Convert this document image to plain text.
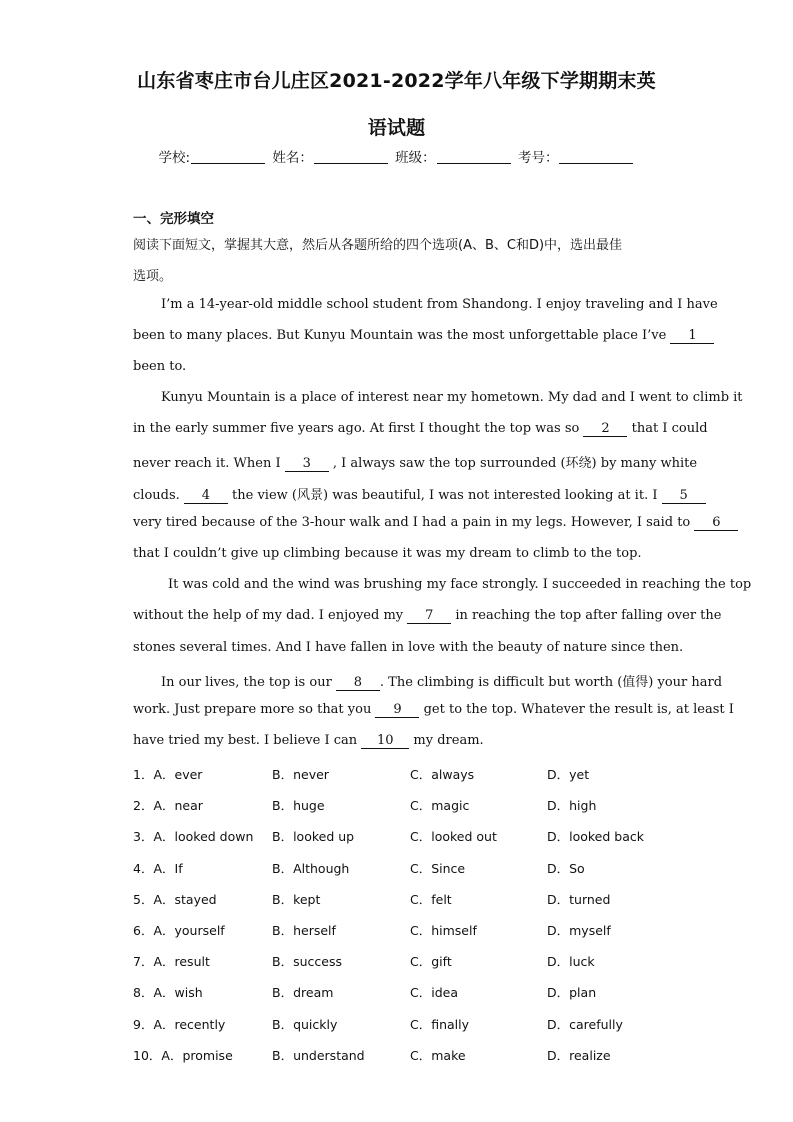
山东省枣庄市台儿庄区2021-2022学年八年级下学期期末英
语试题
学校:	姓名：	班级：	考号：
一、完形填空
阅读下面短文，掌握其大意，然后从各题所给的四个选项(A、B、C和D)中，选出最佳
选项。
I’m a 14-year-old middle school student from Shandong. I enjoy traveling and I have
been to many places. But Kunyu Mountain was the most unforgettable place I’ve 1
been to.
Kunyu Mountain is a place of interest near my hometown. My dad and I went to climb it
in the early summer five years ago. At first I thought the top was so 2 that I could
never reach it. When I 3 , I always saw the top surrounded (环绕) by many white
clouds. 4 the view (风景) was beautiful, I was not interested looking at it. I 5
very tired because of the 3-hour walk and I had a pain in my legs. However, I said to 6
that I couldn’t give up climbing because it was my dream to climb to the top.
It was cold and the wind was brushing my face strongly. I succeeded in reaching the top
without the help of my dad. I enjoyed my 7 in reaching the top after falling over the
stones several times. And I have fallen in love with the beauty of nature since then.
In our lives, the top is our 8 . The climbing is difficult but worth (值得) your hard
work. Just prepare more so that you 9 get to the top. Whatever the result is, at least I
have tried my best. I believe I can 10 my dream.
1．A．ever	B．never	C．always	D．yet
2．A．near	B．huge	C．magic	D．high
3．A．looked down B．looked up	C．looked out	D．looked back
4．A．If	B．Although	C．Since	D．So
5．A．stayed	B．kept	C．felt	D．turned
6．A．yourself	B．herself	C．himself	D．myself
7．A．result	B．success	C．gift	D．luck
8．A．wish	B．dream	C．idea	D．plan
9．A．recently	B．quickly	C．finally	D．carefully
10．A．promise	B．understand	C．make	D．realize
